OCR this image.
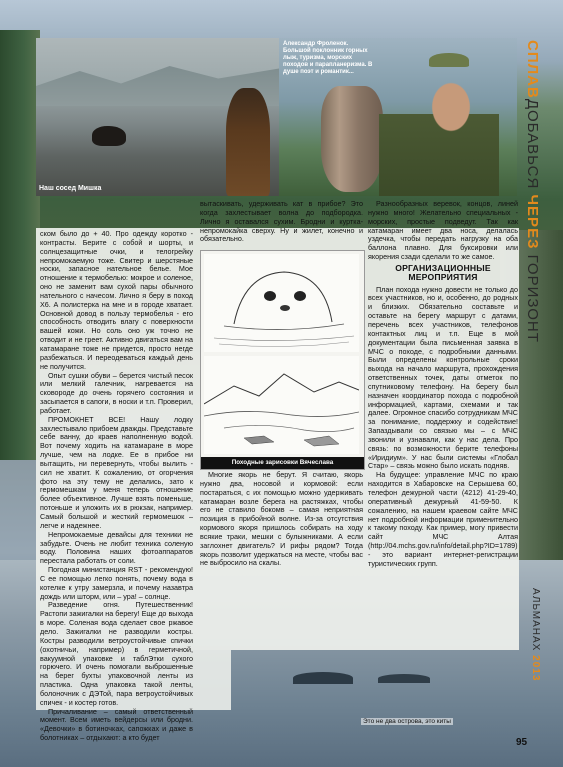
Наш сосед Мишка
Александр Фроленок. Большой поклонник горных лыж, туризма, морских походов и парапланеризма. В душе поэт и романтик...

ском было до + 40. Про одежду коротко - контрасты. Берите с собой и шорты, и солнцезащитные очки, и телогрейку непромокаемую тоже. Свитер и шерстяные носки, запасное нательное белье. Мое отношение к термобелью: мокрое и соленое, оно не заменит вам сухой пары обычного нательного с начесом. Лично я беру в поход X6. А полистерка на мне и в городе хватает. Основной довод в пользу термобелья - его способность отводить влагу с поверхности вашей кожи. Но соль оно уж точно не отводит и не греет. Активно двигаться вам на катамаране тоже не придется, просто негде разбежаться. И переодеваться каждый день не получится.

Опыт сушки обуви – берется чистый песок или мелкий галечник, нагревается на сковороде до очень горячего состояния и засыпается в сапоги, в носки и т.п. Проверил, работает.

ПРОМОКНЕТ ВСЕ! Нашу лодку захлестывало прибоем дважды. Представьте себе ванну, до краев наполненную водой. Вот почему ходить на катамаране в море лучше, чем на лодке. Ее в прибое ни вытащить, ни перевернуть, чтобы вылить - сил не хватит. К сожалению, от огорчения фото на эту тему не делались, зато к гермомешкам у меня теперь отношение более объективное. Лучше взять поменьше, потоньше и уложить их в рюкзак, например. Самый большой и жесткий гермомешок – легче и надежнее.

Непромокаемые девайсы для техники не забудьте. Очень не любит техника соленую воду. Половина наших фотоаппаратов перестала работать от соли.

Погодная министанция RST - рекомендую! С ее помощью легко понять, почему вода в котелке к утру замерзла, и почему назавтра дождь или шторм, или – ура! – солнце.

Разведение огня. Путешественник! Растопи зажигалки на берегу! Еще до выхода в море. Соленая вода сделает свое ржавое дело. Зажигалки не разводили костры. Костры разводили ветроустойчивые спички (охотничьи, например) в герметичной, вакуумной упаковке и таблЭтки сухого горючего. И очень помогали выброшенные на берег бухты упаковочной ленты из пластика. Одна упаковка такой ленты, болоночник с ДЭТой, пара ветроустойчивых спичек - и костер готов.

Причаливание – самый ответственный момент. Всем иметь вейдерсы или бродни. «Девочки» в ботиночках, сапожках и даже в болотниках – отдыхают: а кто будет

вытаскивать, удерживать кат в прибое? Это когда захлестывает волна до подбородка. Лично я оставался сухим. Бродни и куртка-непромокайка сверху. Ну и жилет, конечно и обязательно.

Походные зарисовки Вячеслава

Многие якорь не берут. Я считаю, якорь нужно два, носовой и кормовой: если постараться, с их помощью можно удерживать катамаран возле берега на растяжках, чтобы его не ставило бокомв – самая неприятная позиция в прибойной волне. Из-за отсутствия кормового якоря пришлось собирать на ходу всякие траки, мешки с булыжниками. А если заглохнет двигатель? И рифы рядом? Тогда якорь позволит удержаться на месте, чтобы вас не выбросило на скалы.

Разнообразных веревок, концов, линей нужно много! Желательно специальных - морских, простые подведут. Так как катамаран имеет два носа, делалась уздечка, чтобы передать нагрузку на оба баллона плавно. Для буксировки или якорения сзади сделали то же самое.

ОРГАНИЗАЦИОННЫЕ МЕРОПРИЯТИЯ

План похода нужно довести не только до всех участников, но и, особенно, до родных и близких. Обязательно составьте и оставьте на берегу маршрут с датами, перечень всех участников, телефонов контактных лиц и т.п. Еще в мой документации была письменная заявка в МЧС о походе, с подробными данными. Были определены контрольные сроки выхода на начало маршрута, прохождения ответственных точек, даты отметок по спутниковому телефону. На берегу был назначен координатор похода с подробной информацией, картами, схемами и так далее. Огромное спасибо сотрудникам МЧС за понимание, поддержку и содействие! Запаздывали со связью мы – с МЧС звонили и узнавали, как у нас дела. Про связь: по возможности берите телефоны «Иридиум». У нас были системы «Глобал Стар» – связь можно было искать подняв.

На будущее: управление МЧС по краю находится в Хабаровске на Серышева 60, телефон дежурной части (4212) 41-29-40, оперативный дежурный 41-59-50. К сожалению, на нашем краевом сайте МЧС нет подробной информации применительно к такому походу. Как пример, могу привести сайт МЧС Алтая (http://04.mchs.gov.ru/info/detail.php?ID=1789) - это вариант интернет-регистрации туристических групп.

СПЛАВДОБАВЬСЯ ЧЕРЕЗ ГОРИЗОНТ
АЛЬМАНАХ 2013
Это не два острова, это киты
95
